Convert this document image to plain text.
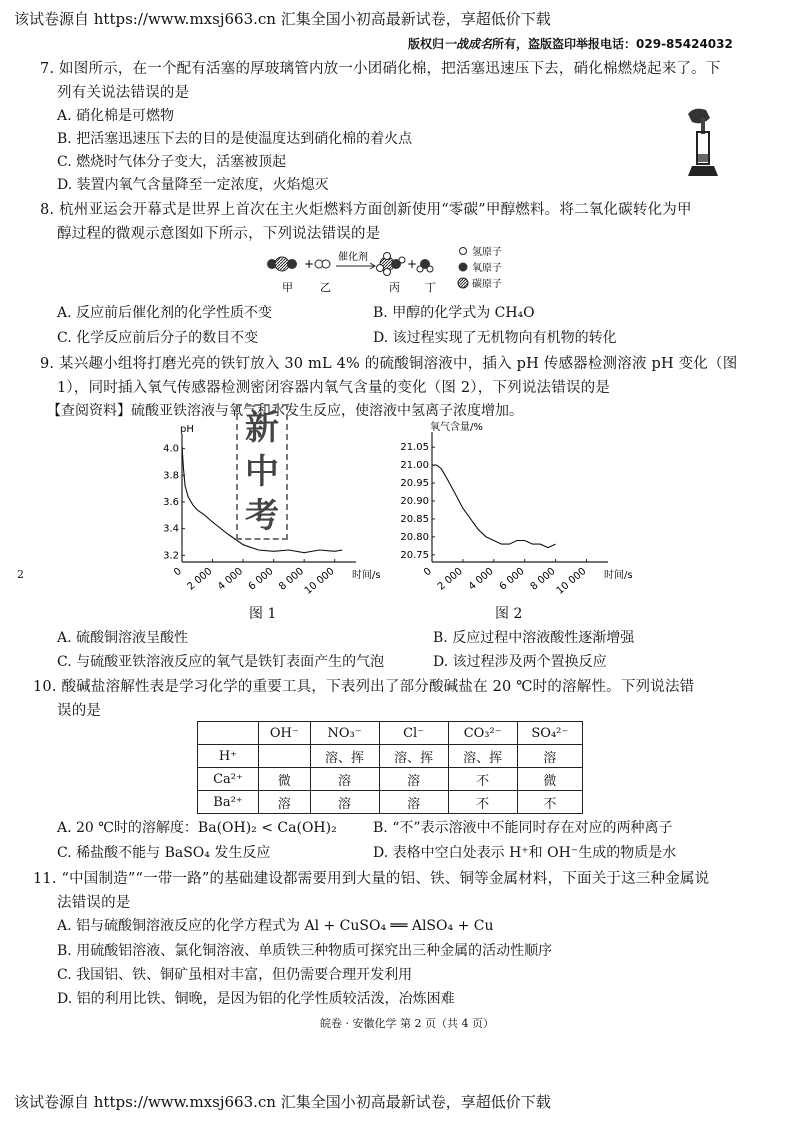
该试卷源自 https://www.mxsj663.cn 汇集全国小初高最新试卷，享超低价下载
版权归一战成名所有，盗版盗印举报电话：029-85424032
2
7. 如图所示，在一个配有活塞的厚玻璃管内放一小团硝化棉，把活塞迅速压下去，硝化棉燃烧起来了。下
列有关说法错误的是
A. 硝化棉是可燃物
B. 把活塞迅速压下去的目的是使温度达到硝化棉的着火点
C. 燃烧时气体分子变大，活塞被顶起
D. 装置内氧气含量降至一定浓度，火焰熄灭
8. 杭州亚运会开幕式是世界上首次在主火炬燃料方面创新使用“零碳”甲醇燃料。将二氧化碳转化为甲
醇过程的微观示意图如下所示，下列说法错误的是
+ 催化剂	+
甲 乙	丙 丁
氢原子
氧原子
碳原子
A. 反应前后催化剂的化学性质不变	B. 甲醇的化学式为 CH₄O
C. 化学反应前后分子的数目不变	D. 该过程实现了无机物向有机物的转化
9. 某兴趣小组将打磨光亮的铁钉放入 30 mL 4% 的硫酸铜溶液中，插入 pH 传感器检测溶液 pH 变化（图
1），同时插入氧气传感器检测密闭容器内氧气含量的变化（图 2），下列说法错误的是
【查阅资料】硫酸亚铁溶液与氧气和水发生反应，使溶液中氢离子浓度增加。
pH
时间/s
3.2
3.4
3.6
3.8
4.0
0 2 000 4 000 6 000 8 000
10 000
氧气含量/%
时间/s
20.75
20.80
20.85
20.90
20.95
21.00
21.05
0 2 000 4 000 6 000 8 000
10 000
新
中
考
图 1	图 2
A. 硫酸铜溶液呈酸性	B. 反应过程中溶液酸性逐渐增强
C. 与硫酸亚铁溶液反应的氧气是铁钉表面产生的气泡	D. 该过程涉及两个置换反应
10. 酸碱盐溶解性表是学习化学的重要工具，下表列出了部分酸碱盐在 20 ℃时的溶解性。下列说法错
误的是
	OH⁻	NO₃⁻	Cl⁻	CO₃²⁻	SO₄²⁻
H⁺		溶、挥	溶、挥	溶、挥	溶
Ca²⁺	微	溶	溶	不	微
Ba²⁺	溶	溶	溶	不	不
A. 20 ℃时的溶解度：Ba(OH)₂ < Ca(OH)₂	B. “不”表示溶液中不能同时存在对应的两种离子
C. 稀盐酸不能与 BaSO₄ 发生反应	D. 表格中空白处表示 H⁺和 OH⁻生成的物质是水
11. “中国制造”“一带一路”的基础建设都需要用到大量的铝、铁、铜等金属材料，下面关于这三种金属说
法错误的是
A. 铝与硫酸铜溶液反应的化学方程式为 Al + CuSO₄ ══ AlSO₄ + Cu
B. 用硫酸铝溶液、氯化铜溶液、单质铁三种物质可探究出三种金属的活动性顺序
C. 我国铝、铁、铜矿虽相对丰富，但仍需要合理开发利用
D. 铝的利用比铁、铜晚，是因为铝的化学性质较活泼，冶炼困难
皖卷 · 安徽化学 第 2 页（共 4 页）
该试卷源自 https://www.mxsj663.cn 汇集全国小初高最新试卷，享超低价下载
